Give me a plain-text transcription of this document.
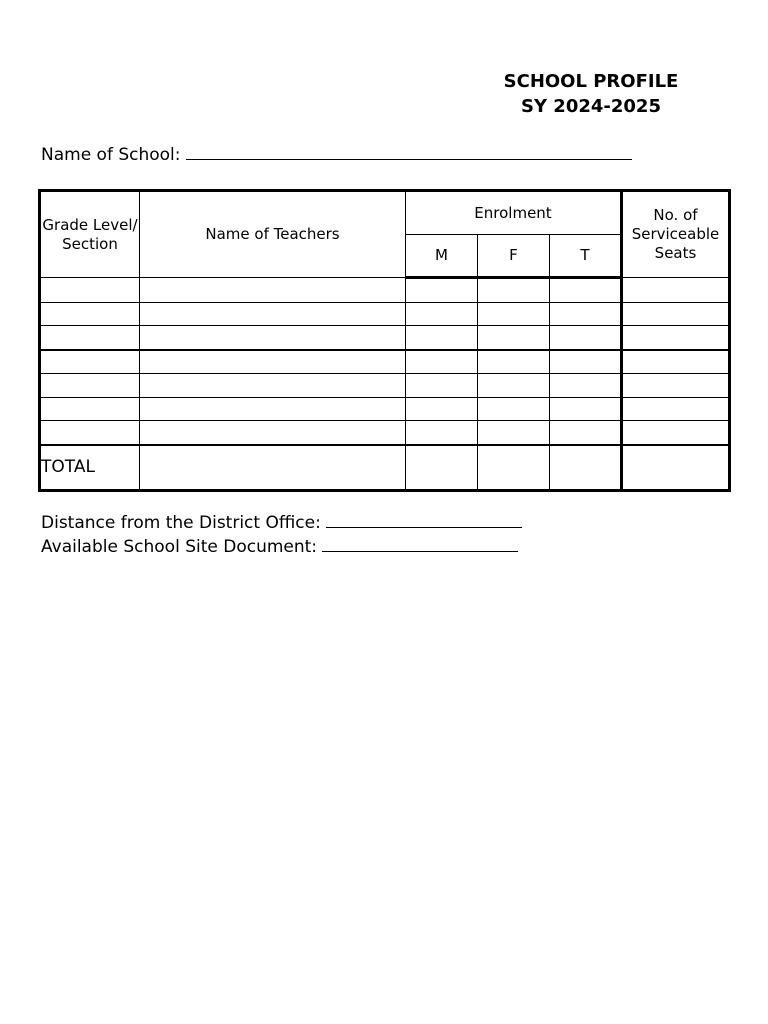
SCHOOL PROFILE
SY 2024-2025
Name of School:
Grade Level/ Section	Name of Teachers	Enrolment			No. of Serviceable Seats
		M	F	T	

TOTAL					
Distance from the District Office:
Available School Site Document:
